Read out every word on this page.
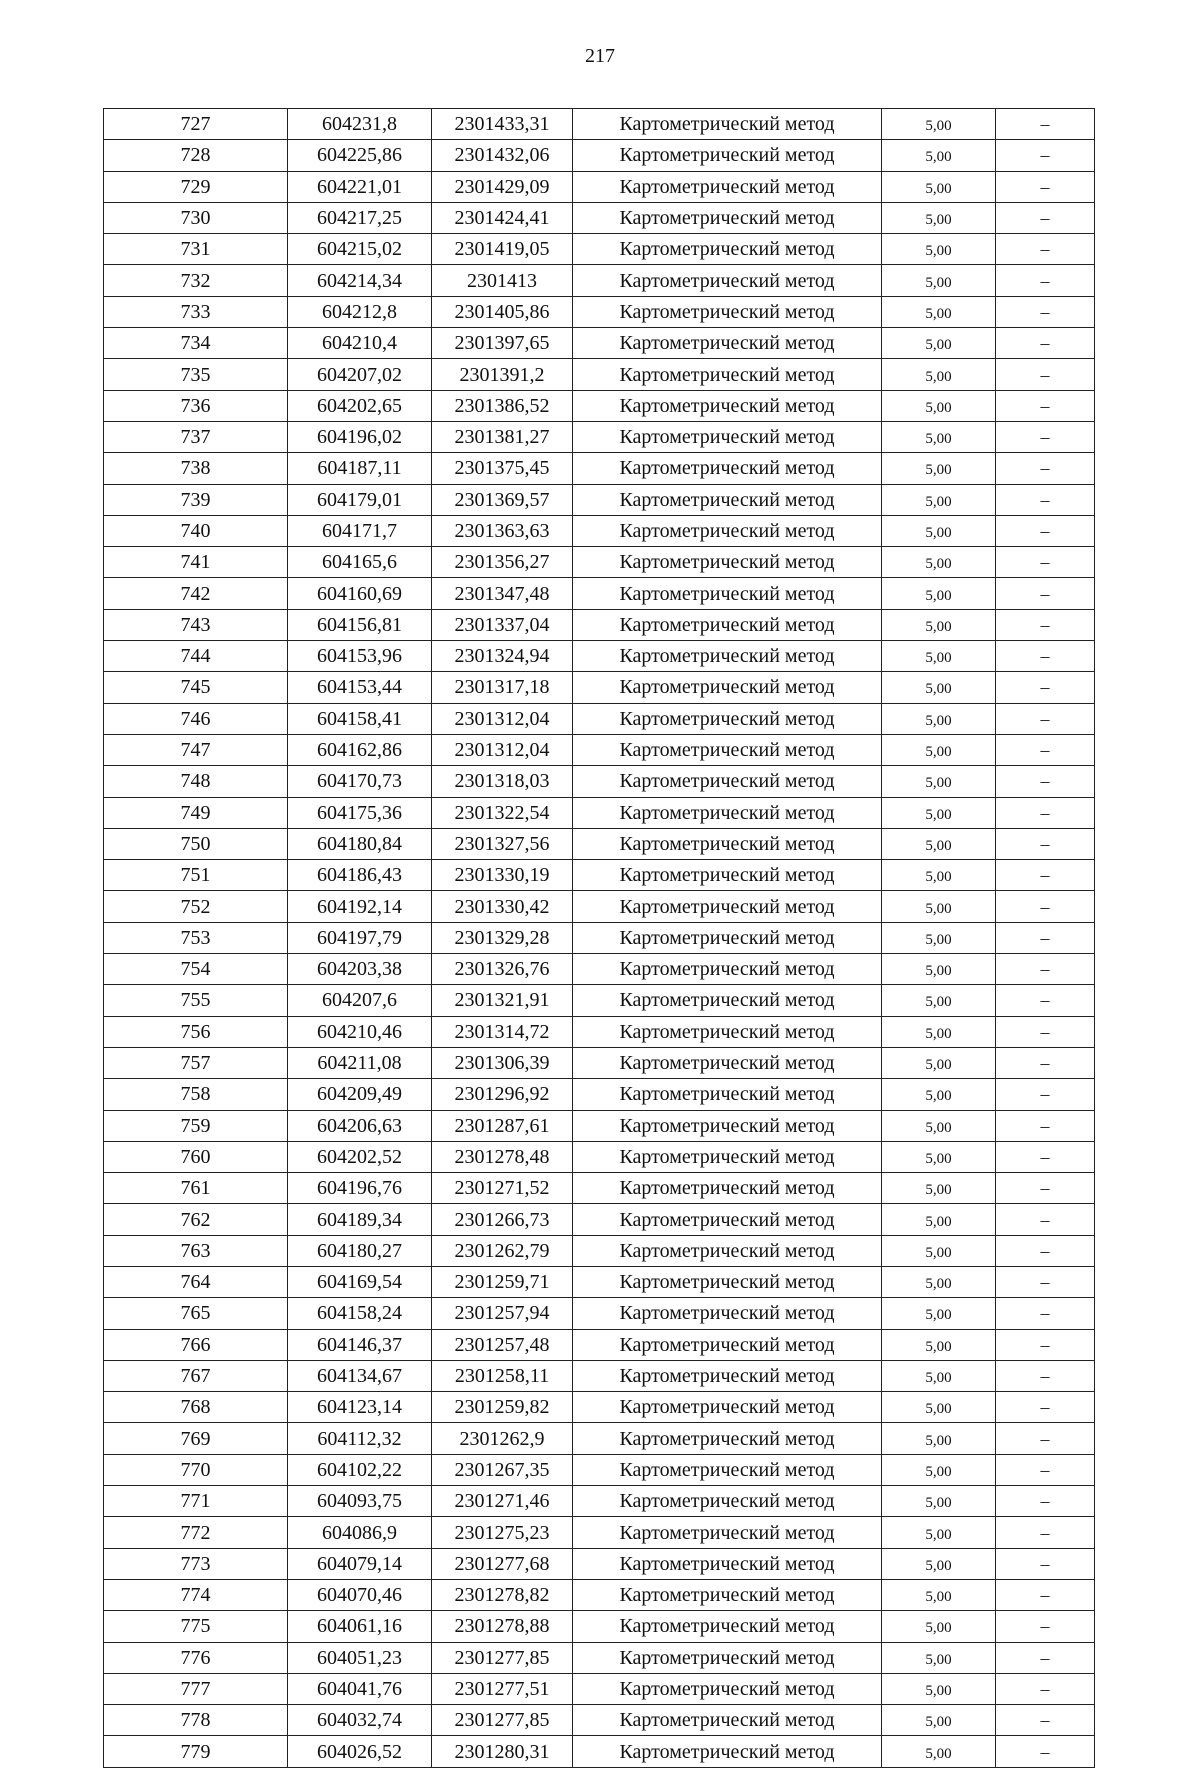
217
727	604231,8	2301433,31	Картометрический метод	5,00	–
728	604225,86	2301432,06	Картометрический метод	5,00	–
729	604221,01	2301429,09	Картометрический метод	5,00	–
730	604217,25	2301424,41	Картометрический метод	5,00	–
731	604215,02	2301419,05	Картометрический метод	5,00	–
732	604214,34	2301413	Картометрический метод	5,00	–
733	604212,8	2301405,86	Картометрический метод	5,00	–
734	604210,4	2301397,65	Картометрический метод	5,00	–
735	604207,02	2301391,2	Картометрический метод	5,00	–
736	604202,65	2301386,52	Картометрический метод	5,00	–
737	604196,02	2301381,27	Картометрический метод	5,00	–
738	604187,11	2301375,45	Картометрический метод	5,00	–
739	604179,01	2301369,57	Картометрический метод	5,00	–
740	604171,7	2301363,63	Картометрический метод	5,00	–
741	604165,6	2301356,27	Картометрический метод	5,00	–
742	604160,69	2301347,48	Картометрический метод	5,00	–
743	604156,81	2301337,04	Картометрический метод	5,00	–
744	604153,96	2301324,94	Картометрический метод	5,00	–
745	604153,44	2301317,18	Картометрический метод	5,00	–
746	604158,41	2301312,04	Картометрический метод	5,00	–
747	604162,86	2301312,04	Картометрический метод	5,00	–
748	604170,73	2301318,03	Картометрический метод	5,00	–
749	604175,36	2301322,54	Картометрический метод	5,00	–
750	604180,84	2301327,56	Картометрический метод	5,00	–
751	604186,43	2301330,19	Картометрический метод	5,00	–
752	604192,14	2301330,42	Картометрический метод	5,00	–
753	604197,79	2301329,28	Картометрический метод	5,00	–
754	604203,38	2301326,76	Картометрический метод	5,00	–
755	604207,6	2301321,91	Картометрический метод	5,00	–
756	604210,46	2301314,72	Картометрический метод	5,00	–
757	604211,08	2301306,39	Картометрический метод	5,00	–
758	604209,49	2301296,92	Картометрический метод	5,00	–
759	604206,63	2301287,61	Картометрический метод	5,00	–
760	604202,52	2301278,48	Картометрический метод	5,00	–
761	604196,76	2301271,52	Картометрический метод	5,00	–
762	604189,34	2301266,73	Картометрический метод	5,00	–
763	604180,27	2301262,79	Картометрический метод	5,00	–
764	604169,54	2301259,71	Картометрический метод	5,00	–
765	604158,24	2301257,94	Картометрический метод	5,00	–
766	604146,37	2301257,48	Картометрический метод	5,00	–
767	604134,67	2301258,11	Картометрический метод	5,00	–
768	604123,14	2301259,82	Картометрический метод	5,00	–
769	604112,32	2301262,9	Картометрический метод	5,00	–
770	604102,22	2301267,35	Картометрический метод	5,00	–
771	604093,75	2301271,46	Картометрический метод	5,00	–
772	604086,9	2301275,23	Картометрический метод	5,00	–
773	604079,14	2301277,68	Картометрический метод	5,00	–
774	604070,46	2301278,82	Картометрический метод	5,00	–
775	604061,16	2301278,88	Картометрический метод	5,00	–
776	604051,23	2301277,85	Картометрический метод	5,00	–
777	604041,76	2301277,51	Картометрический метод	5,00	–
778	604032,74	2301277,85	Картометрический метод	5,00	–
779	604026,52	2301280,31	Картометрический метод	5,00	–
